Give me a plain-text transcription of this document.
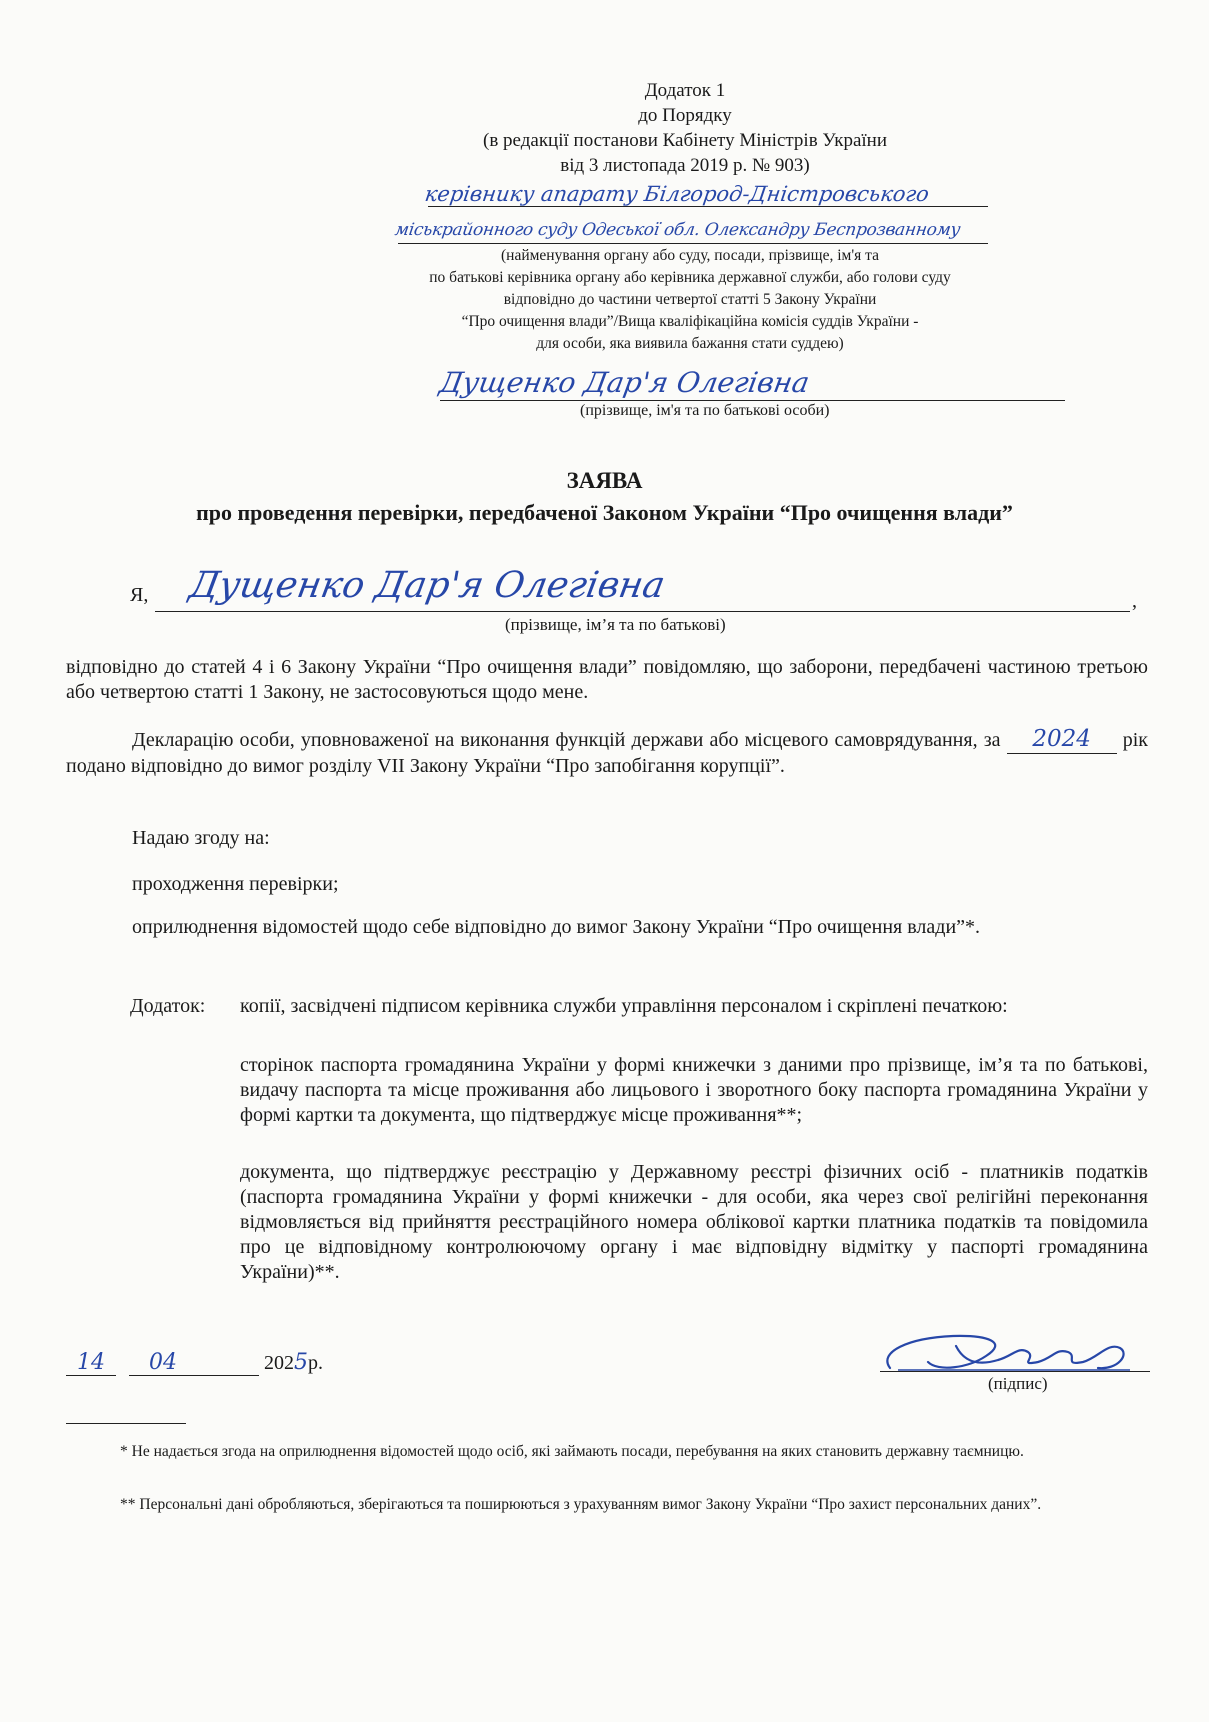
Додаток 1

до Порядку

(в редакції постанови Кабінету Міністрів України

від 3 листопада 2019 р. № 903)

керівнику апарату Білгород-Дністровського
міськрайонного суду Одеської обл. Олександру Беспрозванному

(найменування органу або суду, посади, прізвище, ім'я та

по батькові керівника органу або керівника державної служби, або голови суду

відповідно до частини четвертої статті 5 Закону України

“Про очищення влади”/Вища кваліфікаційна комісія суддів України -

для особи, яка виявила бажання стати суддею)

Дущенко Дар'я Олегівна
(прізвище, ім'я та по батькові особи)
ЗАЯВА
про проведення перевірки, передбаченої Законом України “Про очищення влади”
Я, Дущенко Дар'я Олегівна	,
(прізвище, ім’я та по батькові)
відповідно до статей 4 і 6 Закону України “Про очищення влади” повідомляю, що заборони, передбачені частиною третьою або четвертою статті 1 Закону, не застосовуються щодо мене.
Декларацію особи, уповноваженої на виконання функцій держави або місцевого самоврядування, за 2024 рік подано відповідно до вимог розділу VII Закону України “Про запобігання корупції”.
Надаю згоду на:
проходження перевірки;
оприлюднення відомостей щодо себе відповідно до вимог Закону України “Про очищення влади”*.
Додаток: копії, засвідчені підписом керівника служби управління персоналом і скріплені печаткою:
сторінок паспорта громадянина України у формі книжечки з даними про прізвище, ім’я та по батькові, видачу паспорта та місце проживання або лицьового і зворотного боку паспорта громадянина України у формі картки та документа, що підтверджує місце проживання**;
документа, що підтверджує реєстрацію у Державному реєстрі фізичних осіб - платників податків (паспорта громадянина України у формі книжечки - для особи, яка через свої релігійні переконання відмовляється від прийняття реєстраційного номера облікової картки платника податків та повідомила про це відповідному контролюючому органу і має відповідну відмітку у паспорті громадянина України)**.
14 04	2025р.
(підпис)
* Не надається згода на оприлюднення відомостей щодо осіб, які займають посади, перебування на яких становить державну таємницю.
** Персональні дані обробляються, зберігаються та поширюються з урахуванням вимог Закону України “Про захист персональних даних”.
